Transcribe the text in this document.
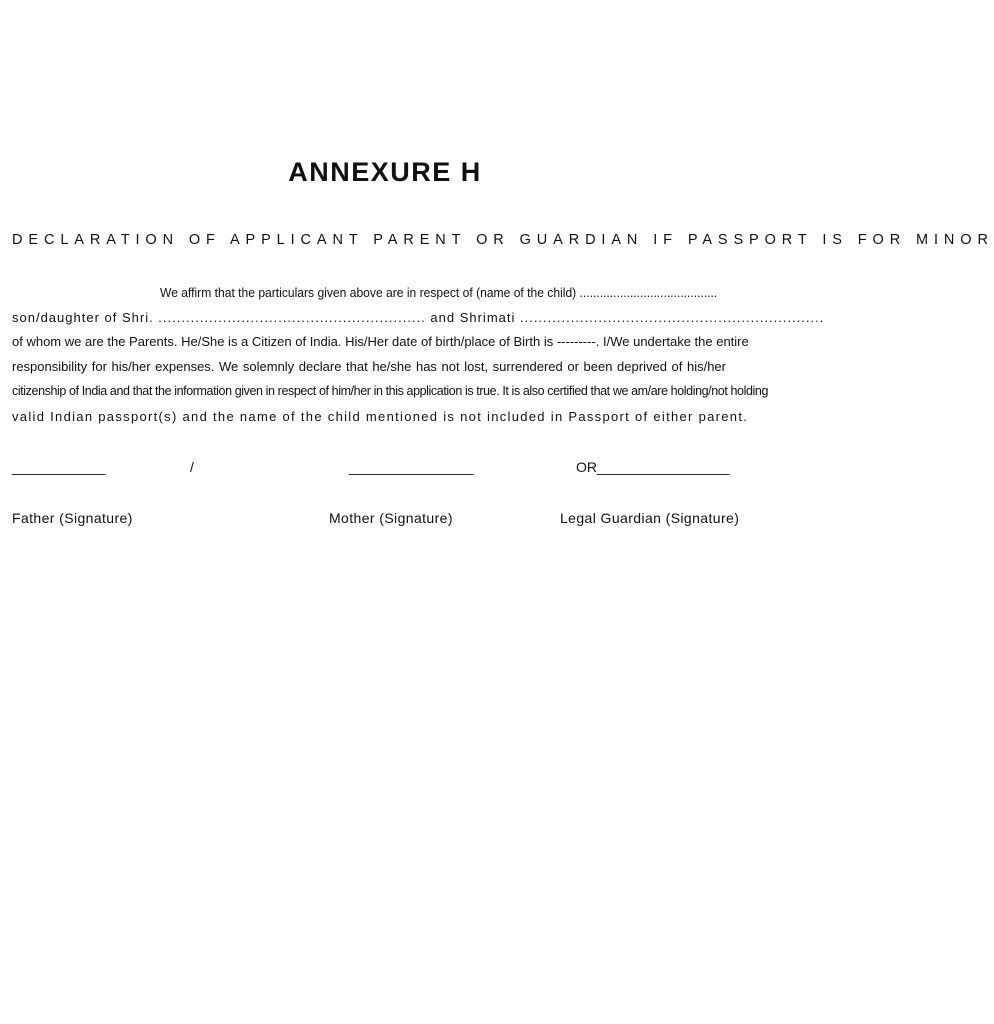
ANNEXURE H
DECLARATION OF APPLICANT PARENT OR GUARDIAN IF PASSPORT IS FOR MINOR
We affirm that the particulars given above are in respect of (name of the child) .........................................
son/daughter of Shri. .......................................................... and Shrimati ..................................................................
of whom we are the Parents. He/She is a Citizen of India. His/Her date of birth/place of Birth is ---------. I/We undertake the entire
responsibility for his/her expenses. We solemnly declare that he/she has not lost, surrendered or been deprived of his/her
citizenship of India and that the information given in respect of him/her in this application is true. It is also certified that we am/are holding/not holding
valid Indian passport(s) and the name of the child mentioned is not included in Passport of either parent.
____________	/	________________	OR_________________
Father (Signature)	Mother (Signature)	Legal Guardian (Signature)
